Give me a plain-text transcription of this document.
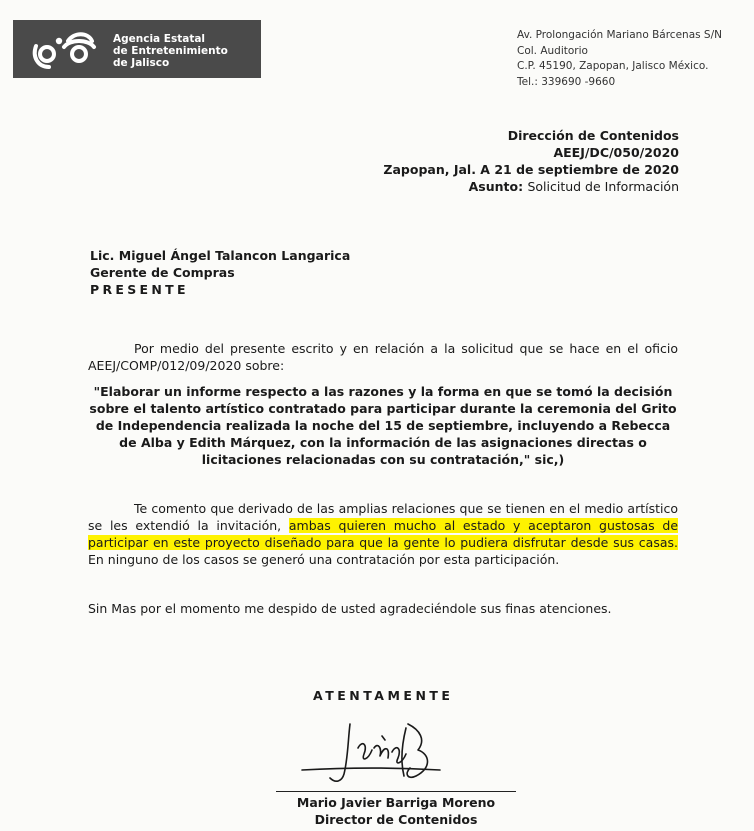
Agencia Estatal
de Entretenimiento
de Jalisco
Av. Prolongación Mariano Bárcenas S/N
Col. Auditorio
C.P. 45190, Zapopan, Jalisco México.
Tel.: 339690 -9660
Dirección de Contenidos
AEEJ/DC/050/2020
Zapopan, Jal. A 21 de septiembre de 2020
Asunto: Solicitud de Información
Lic. Miguel Ángel Talancon Langarica
Gerente de Compras
PRESENTE
Por medio del presente escrito y en relación a la solicitud que se hace en el oficio AEEJ/COMP/012/09/2020 sobre:
"Elaborar un informe respecto a las razones y la forma en que se tomó la decisión sobre el talento artístico contratado para participar durante la ceremonia del Grito de Independencia realizada la noche del 15 de septiembre, incluyendo a Rebecca de Alba y Edith Márquez, con la información de las asignaciones directas o licitaciones relacionadas con su contratación," sic,)
Te comento que derivado de las amplias relaciones que se tienen en el medio artístico se les extendió la invitación, ambas quieren mucho al estado y aceptaron gustosas de participar en este proyecto diseñado para que la gente lo pudiera disfrutar desde sus casas. En ninguno de los casos se generó una contratación por esta participación.
Sin Mas por el momento me despido de usted agradeciéndole sus finas atenciones.
ATENTAMENTE
Mario Javier Barriga Moreno
Director de Contenidos
